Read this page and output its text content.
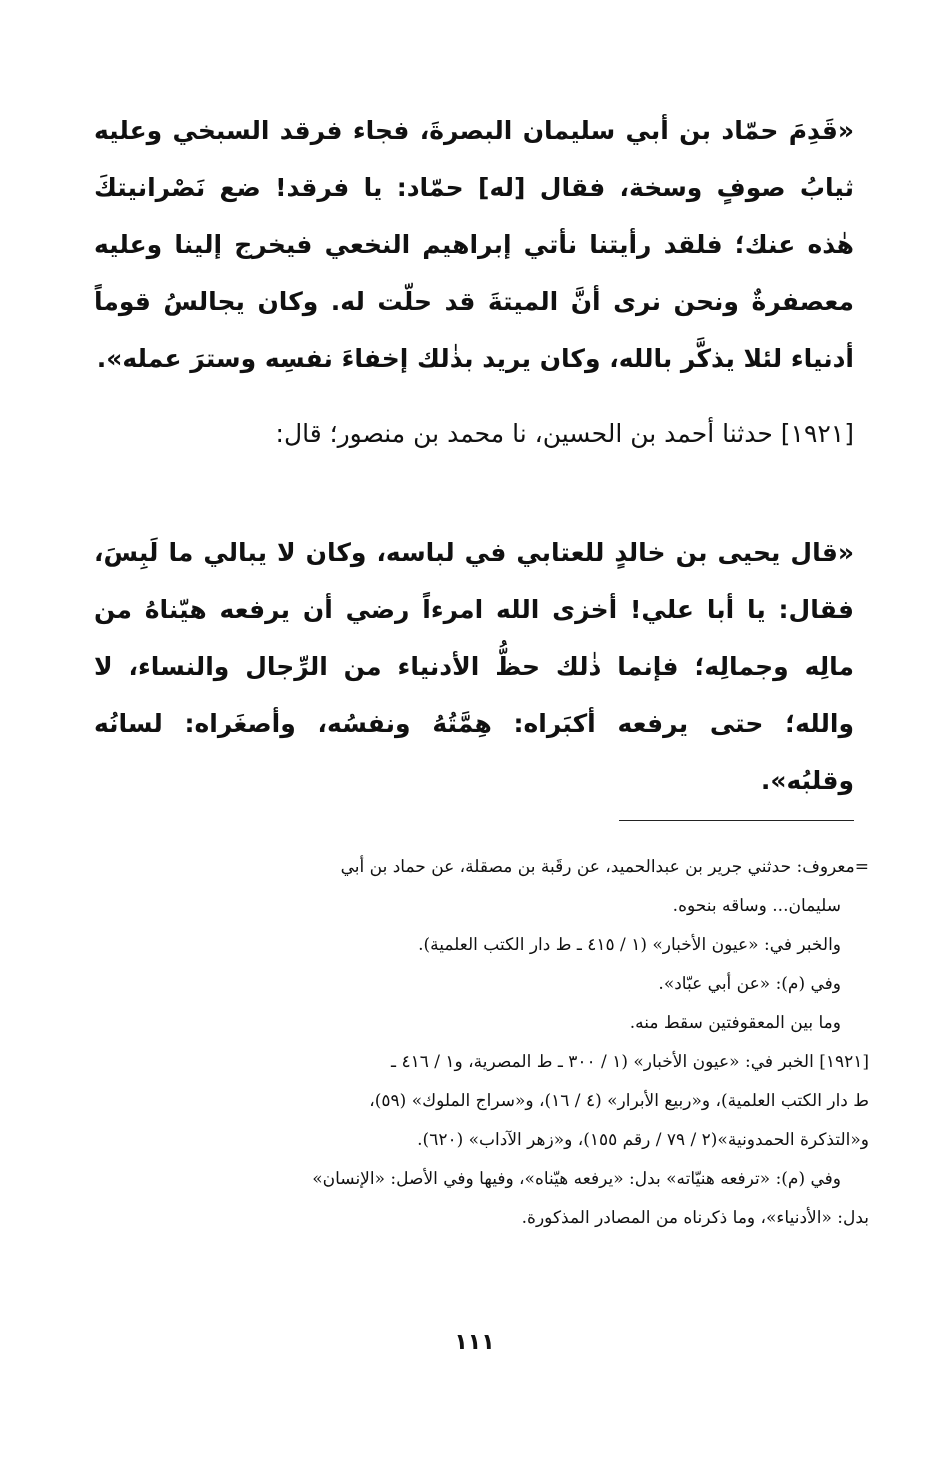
«قَدِمَ حمّاد بن أبي سليمان البصرةَ، فجاء فرقد السبخي وعليه ثيابُ صوفٍ وسخة، فقال [له] حمّاد: يا فرقد! ضع نَصْرانيتكَ هٰذه عنك؛ فلقد رأيتنا نأتي إبراهيم النخعي فيخرج إلينا وعليه معصفرةٌ ونحن نرى أنَّ الميتةَ قد حلّت له. وكان يجالسُ قوماً أدنياء لئلا يذكَّر بالله، وكان يريد بذٰلك إخفاءَ نفسِه وسترَ عمله».

[١٩٢١] حدثنا أحمد بن الحسين، نا محمد بن منصور؛ قال:

«قال يحيى بن خالدٍ للعتابي في لباسه، وكان لا يبالي ما لَبِسَ، فقال: يا أبا علي! أخزى الله امرءاً رضي أن يرفعه هيّناهُ من مالِه وجمالِه؛ فإنما ذٰلك حظُّ الأدنياء من الرِّجال والنساء، لا والله؛ حتى يرفعه أكبَراه: هِمَّتُهُ ونفسُه، وأصغَراه: لسانُه وقلبُه».

=معروف: حدثني جرير بن عبدالحميد، عن رقَبة بن مصقلة، عن حماد بن أبي

سليمان... وساقه بنحوه.

والخبر في: «عيون الأخبار» (١ / ٤١٥ ـ ط دار الكتب العلمية).

وفي (م): «عن أبي عبّاد».

وما بين المعقوفتين سقط منه.

[١٩٢١] الخبر في: «عيون الأخبار» (١ / ٣٠٠ ـ ط المصرية، و١ / ٤١٦ ـ

ط دار الكتب العلمية)، و«ربيع الأبرار» (٤ / ١٦)، و«سراج الملوك» (٥٩)،

و«التذكرة الحمدونية»(٢ / ٧٩ / رقم ١٥٥)، و«زهر الآداب» (٦٢٠).

وفي (م): «ترفعه هنيّاته» بدل: «يرفعه هيّناه»، وفيها وفي الأصل: «الإنسان»

بدل: «الأدنياء»، وما ذكرناه من المصادر المذكورة.

١١١
